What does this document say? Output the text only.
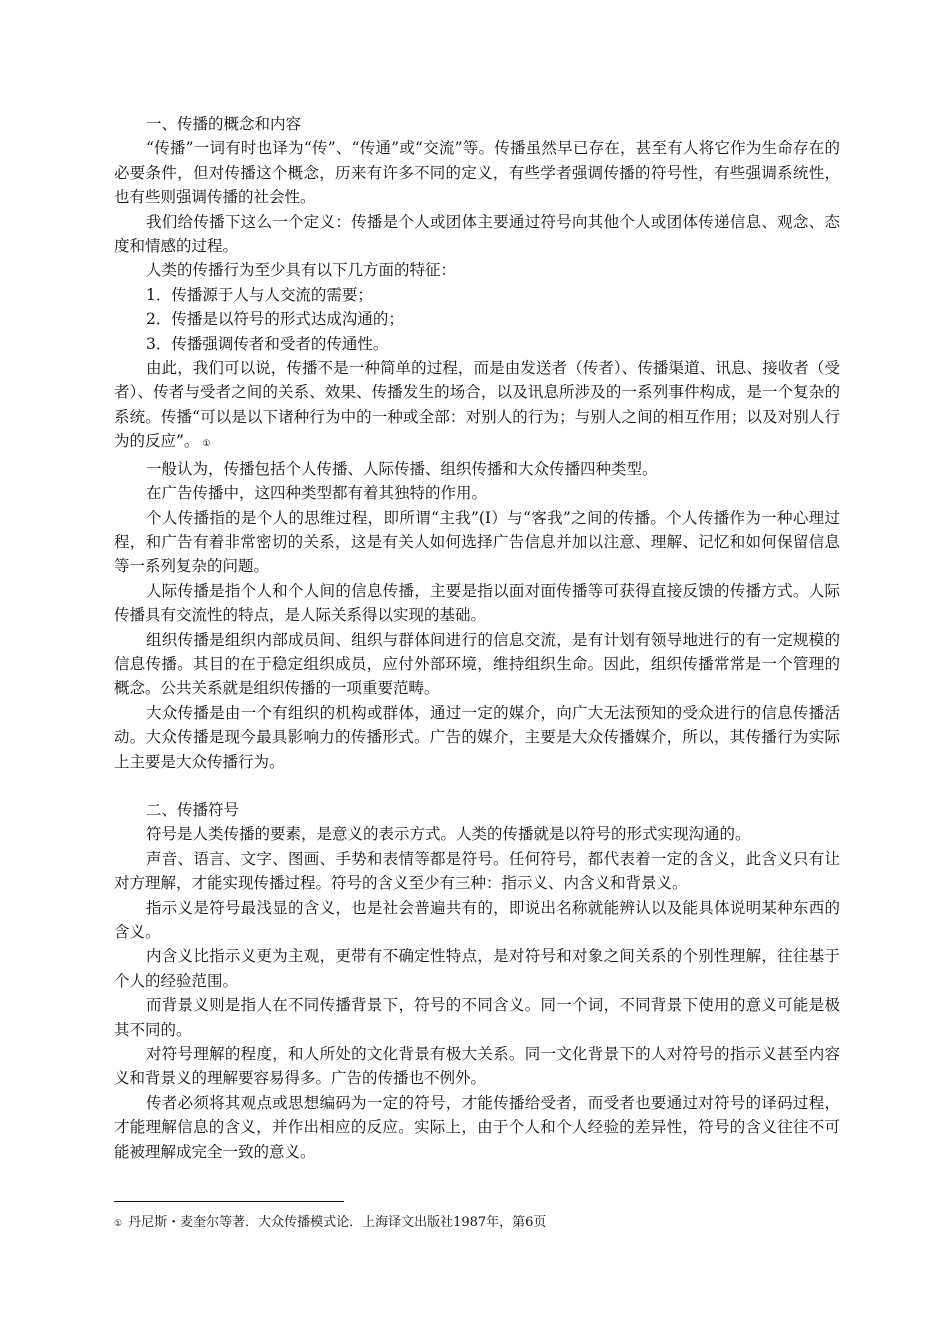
一、传播的概念和内容

“传播”一词有时也译为“传”、“传通”或“交流”等。传播虽然早已存在，甚至有人将它作为生命存在的必要条件，但对传播这个概念，历来有许多不同的定义，有些学者强调传播的符号性，有些强调系统性，也有些则强调传播的社会性。

我们给传播下这么一个定义：传播是个人或团体主要通过符号向其他个人或团体传递信息、观念、态度和情感的过程。

人类的传播行为至少具有以下几方面的特征：

1．传播源于人与人交流的需要；

2．传播是以符号的形式达成沟通的；

3．传播强调传者和受者的传通性。

由此，我们可以说，传播不是一种简单的过程，而是由发送者（传者）、传播渠道、讯息、接收者（受者）、传者与受者之间的关系、效果、传播发生的场合，以及讯息所涉及的一系列事件构成，是一个复杂的系统。传播“可以是以下诸种行为中的一种或全部：对别人的行为；与别人之间的相互作用；以及对别人行为的反应”。 ①

一般认为，传播包括个人传播、人际传播、组织传播和大众传播四种类型。

在广告传播中，这四种类型都有着其独特的作用。

个人传播指的是个人的思维过程，即所谓“主我”(I）与“客我”之间的传播。个人传播作为一种心理过程，和广告有着非常密切的关系，这是有关人如何选择广告信息并加以注意、理解、记忆和如何保留信息等一系列复杂的问题。

人际传播是指个人和个人间的信息传播，主要是指以面对面传播等可获得直接反馈的传播方式。人际传播具有交流性的特点，是人际关系得以实现的基础。

组织传播是组织内部成员间、组织与群体间进行的信息交流，是有计划有领导地进行的有一定规模的信息传播。其目的在于稳定组织成员，应付外部环境，维持组织生命。因此，组织传播常常是一个管理的概念。公共关系就是组织传播的一项重要范畴。

大众传播是由一个有组织的机构或群体，通过一定的媒介，向广大无法预知的受众进行的信息传播活动。大众传播是现今最具影响力的传播形式。广告的媒介，主要是大众传播媒介，所以，其传播行为实际上主要是大众传播行为。

二、传播符号

符号是人类传播的要素，是意义的表示方式。人类的传播就是以符号的形式实现沟通的。

声音、语言、文字、图画、手势和表情等都是符号。任何符号，都代表着一定的含义，此含义只有让对方理解，才能实现传播过程。符号的含义至少有三种：指示义、内含义和背景义。

指示义是符号最浅显的含义，也是社会普遍共有的，即说出名称就能辨认以及能具体说明某种东西的含义。

内含义比指示义更为主观，更带有不确定性特点，是对符号和对象之间关系的个别性理解，往往基于个人的经验范围。

而背景义则是指人在不同传播背景下，符号的不同含义。同一个词，不同背景下使用的意义可能是极其不同的。

对符号理解的程度，和人所处的文化背景有极大关系。同一文化背景下的人对符号的指示义甚至内容义和背景义的理解要容易得多。广告的传播也不例外。

传者必须将其观点或思想编码为一定的符号，才能传播给受者，而受者也要通过对符号的译码过程，才能理解信息的含义，并作出相应的反应。实际上，由于个人和个人经验的差异性，符号的含义往往不可能被理解成完全一致的意义。

① 丹尼斯・麦奎尔等著．大众传播模式论．上海译文出版社1987年，第6页
